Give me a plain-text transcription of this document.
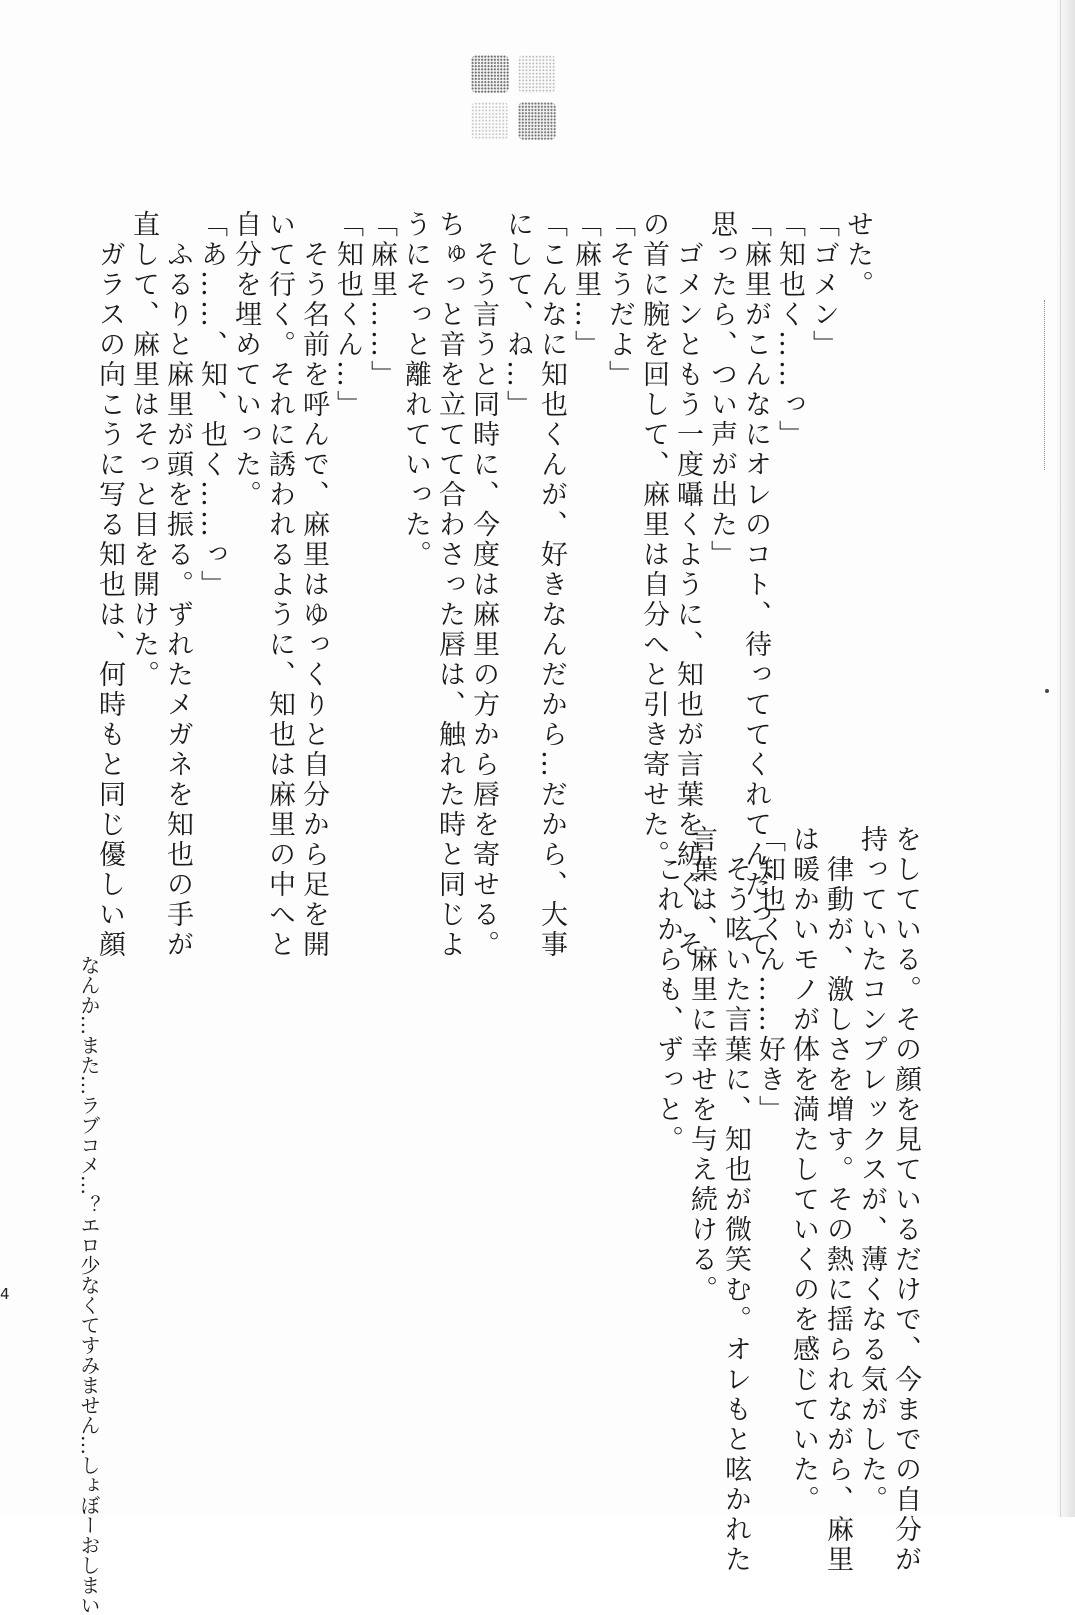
せた。
「ゴメン」
「知也く……っ」
「麻里がこんなにオレのコト、待っててくれてんだって
思ったら、つい声が出た」
　ゴメンともう一度囁くように、知也が言葉を紡ぐ。そ
の首に腕を回して、麻里は自分へと引き寄せた。
「そうだよ」
「麻里…」
「こんなに知也くんが、好きなんだから…だから、大事
にして、ね…」
　そう言うと同時に、今度は麻里の方から唇を寄せる。
ちゅっと音を立てて合わさった唇は、触れた時と同じよ
うにそっと離れていった。
「麻里……」
「知也くん…」
　そう名前を呼んで、麻里はゆっくりと自分から足を開
いて行く。それに誘われるように、知也は麻里の中へと
自分を埋めていった。
「あ……、知、也く……っ」
　ふるりと麻里が頭を振る。ずれたメガネを知也の手が
直して、麻里はそっと目を開けた。
　ガラスの向こうに写る知也は、何時もと同じ優しい顔
をしている。その顔を見ているだけで、今までの自分が
持っていたコンプレックスが、薄くなる気がした。
　律動が、激しさを増す。その熱に揺られながら、麻里
は暖かいモノが体を満たしていくのを感じていた。
「知也くん……好き」
　そう呟いた言葉に、知也が微笑む。オレもと呟かれた
言葉は、麻里に幸せを与え続ける。
　これからも、ずっと。
なんか…また…ラブコメ…？エロ少なくてすみません…しょぼーおしまい
4
